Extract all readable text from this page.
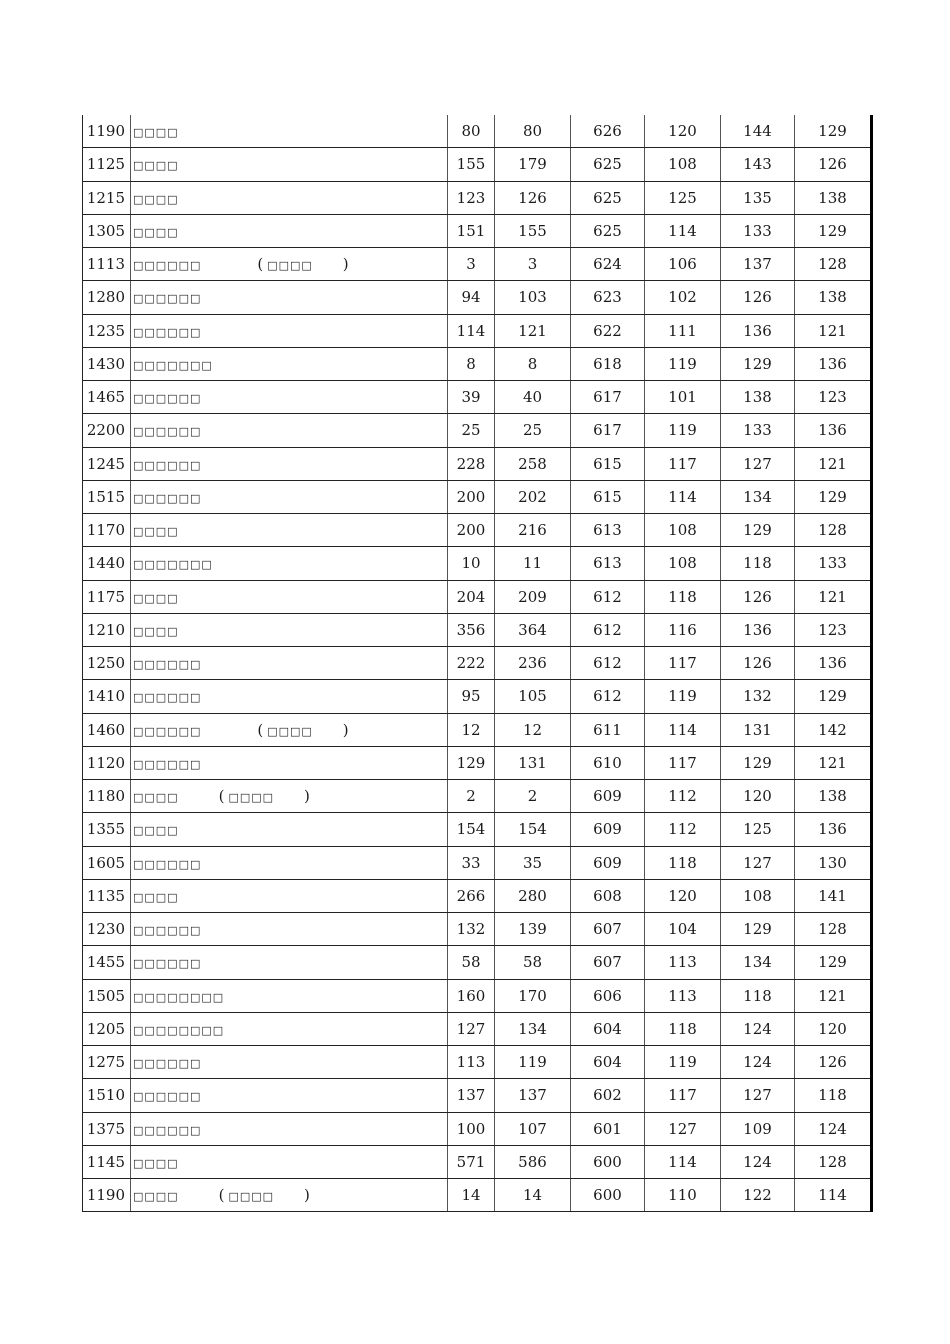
1190	□□□□	80	80	626	120	144	129
1125	□□□□	155	179	625	108	143	126
1215	□□□□	123	126	625	125	135	138
1305	□□□□	151	155	625	114	133	129
1113	□□□□□□ ( □□□□ )	3	3	624	106	137	128
1280	□□□□□□	94	103	623	102	126	138
1235	□□□□□□	114	121	622	111	136	121
1430	□□□□□□□	8	8	618	119	129	136
1465	□□□□□□	39	40	617	101	138	123
2200	□□□□□□	25	25	617	119	133	136
1245	□□□□□□	228	258	615	117	127	121
1515	□□□□□□	200	202	615	114	134	129
1170	□□□□	200	216	613	108	129	128
1440	□□□□□□□	10	11	613	108	118	133
1175	□□□□	204	209	612	118	126	121
1210	□□□□	356	364	612	116	136	123
1250	□□□□□□	222	236	612	117	126	136
1410	□□□□□□	95	105	612	119	132	129
1460	□□□□□□ ( □□□□ )	12	12	611	114	131	142
1120	□□□□□□	129	131	610	117	129	121
1180	□□□□ ( □□□□ )	2	2	609	112	120	138
1355	□□□□	154	154	609	112	125	136
1605	□□□□□□	33	35	609	118	127	130
1135	□□□□	266	280	608	120	108	141
1230	□□□□□□	132	139	607	104	129	128
1455	□□□□□□	58	58	607	113	134	129
1505	□□□□□□□□	160	170	606	113	118	121
1205	□□□□□□□□	127	134	604	118	124	120
1275	□□□□□□	113	119	604	119	124	126
1510	□□□□□□	137	137	602	117	127	118
1375	□□□□□□	100	107	601	127	109	124
1145	□□□□	571	586	600	114	124	128
1190	□□□□ ( □□□□ )	14	14	600	110	122	114
